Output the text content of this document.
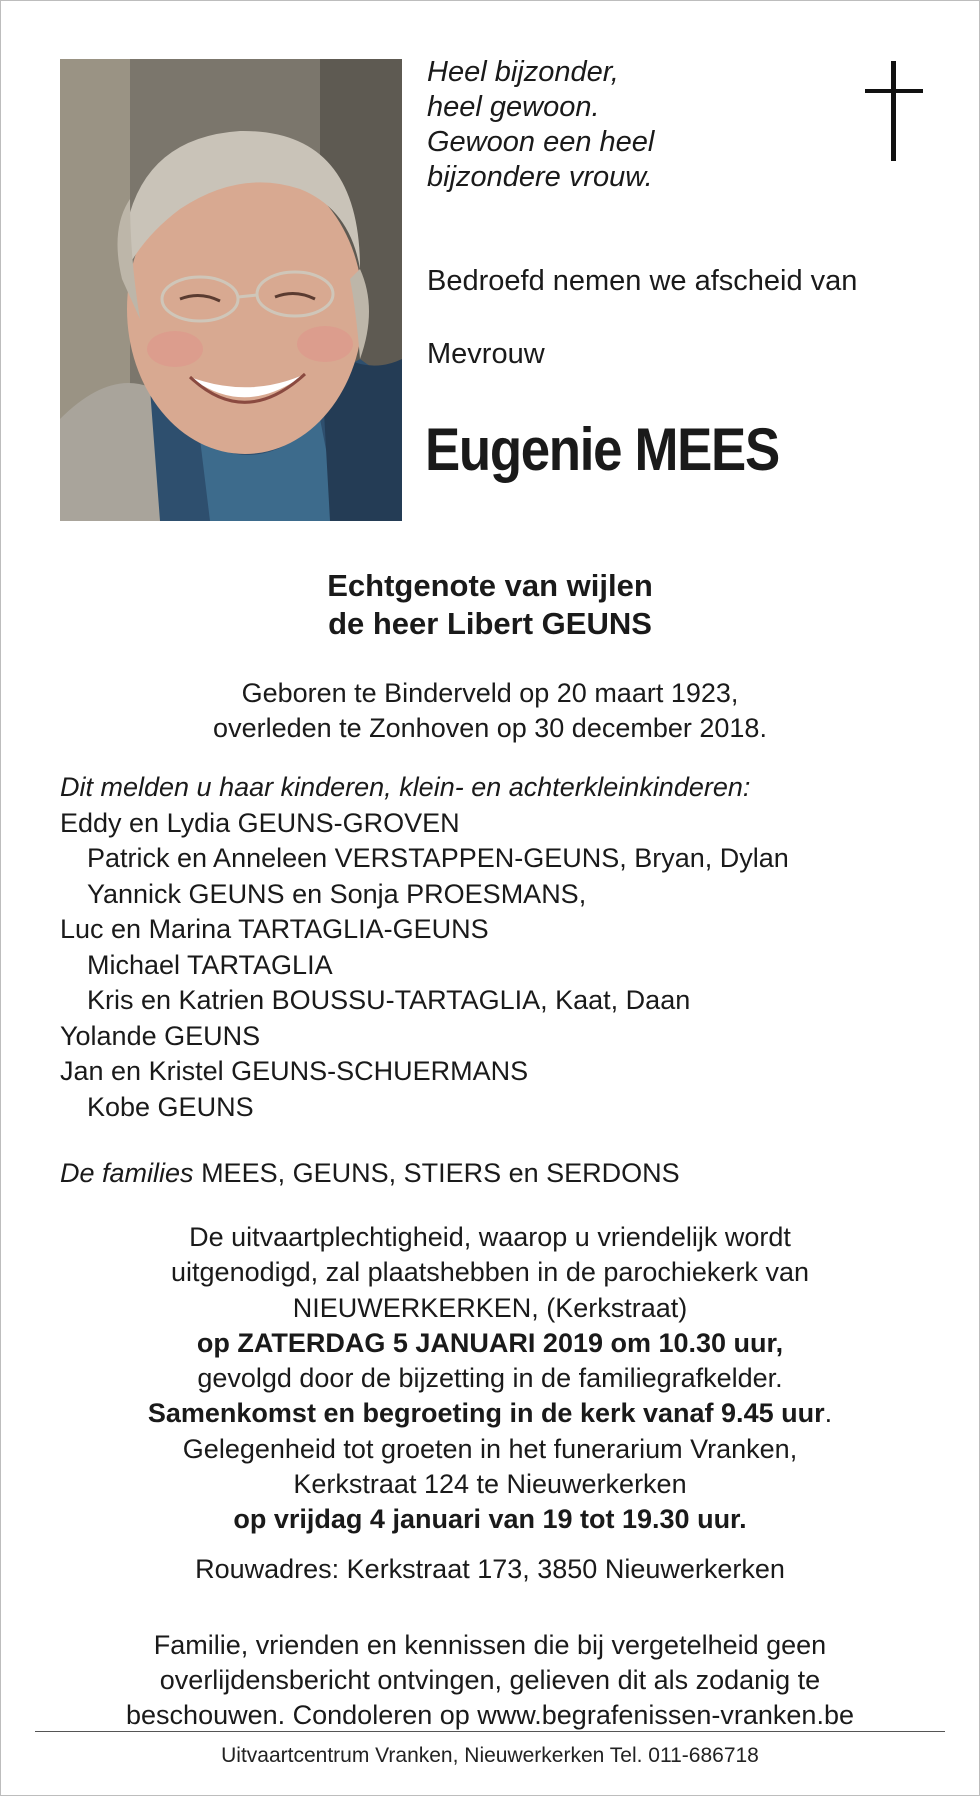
Heel bijzonder,
heel gewoon.
Gewoon een heel
bijzondere vrouw.
Bedroefd nemen we afscheid van
Mevrouw
Eugenie MEES
Echtgenote van wijlen
de heer Libert GEUNS
Geboren te Binderveld op 20 maart 1923,
overleden te Zonhoven op 30 december 2018.
Dit melden u haar kinderen, klein- en achterkleinkinderen:
Eddy en Lydia GEUNS-GROVEN
Patrick en Anneleen VERSTAPPEN-GEUNS, Bryan, Dylan
Yannick GEUNS en Sonja PROESMANS,
Luc en Marina TARTAGLIA-GEUNS
Michael TARTAGLIA
Kris en Katrien BOUSSU-TARTAGLIA, Kaat, Daan
Yolande GEUNS
Jan en Kristel GEUNS-SCHUERMANS
Kobe GEUNS
De families MEES, GEUNS, STIERS en SERDONS
De uitvaartplechtigheid, waarop u vriendelijk wordt
uitgenodigd, zal plaatshebben in de parochiekerk van
NIEUWERKERKEN, (Kerkstraat)
op ZATERDAG 5 JANUARI 2019 om 10.30 uur,
gevolgd door de bijzetting in de familiegrafkelder.
Samenkomst en begroeting in de kerk vanaf 9.45 uur.
Gelegenheid tot groeten in het funerarium Vranken,
Kerkstraat 124 te Nieuwerkerken
op vrijdag 4 januari van 19 tot 19.30 uur.
Rouwadres: Kerkstraat 173, 3850 Nieuwerkerken
Familie, vrienden en kennissen die bij vergetelheid geen
overlijdensbericht ontvingen, gelieven dit als zodanig te
beschouwen. Condoleren op www.begrafenissen-vranken.be
Uitvaartcentrum Vranken, Nieuwerkerken Tel. 011-686718
